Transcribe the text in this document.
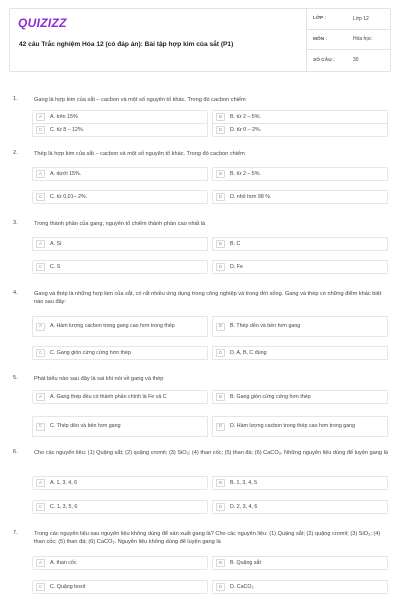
QUIZIZZ
42 câu Trắc nghiệm Hóa 12 (có đáp án): Bài tập hợp kim của sắt (P1)
LỚP :	Lớp 12
MÔN :	Hóa học
SỐ CÂU :	30
1.	Gang là hợp kim của sắt – cacbon và một số nguyên tố khác. Trong đó cacbon chiếm
A	A. trên 15%	B	B. từ 2 – 5%.
C	C. từ 8 – 12%.	D	D. từ 0 – 2%.
2.	Thép là hợp kim của sắt – cacbon và một số nguyên tố khác. Trong đó cacbon chiếm
A	A. dưới 15%.	B	B. từ 2 – 5%.
C	C. từ 0,01– 2%.	D	D. nhỏ hơn 98 %.
3.	Trong thành phần của gang, nguyên tố chiếm thành phần cao nhất là
A	A. Si	B	B. C
C	C. S	D	D. Fe
4.	Gang và thép là những hợp kim của sắt, có rất nhiều ứng dụng trong công nghiệp và trong đời sống. Gang và thép có những điểm khác biệt nào sau đây:
A	A. Hàm lượng cacbon trong gang cao hơn trong thép	B	B. Thép dẻo và bền hơn gang
C	C. Gang giòn cứng cứng hơn thép	D	D. A, B, C đúng
5.	Phát biểu nào sau đây là sai khi nói về gang và thép
A	A. Gang thép đều có thành phần chính là Fe và C	B	B. Gang giòn cứng cứng hơn thép
C	C. Thép dẻo và bền hơn gang	D	D. Hàm lượng cacbon trong thép cao hơn trong gang
6.	Cho các nguyên liệu: (1) Quặng sắt; (2) quặng cromit; (3) SiO₂; (4) than cốc; (5) than đá; (6) CaCO₃. Những nguyên liệu dùng để luyện gang là
A	A. 1, 3, 4, 6	B	B. 1, 3, 4, 5
C	C. 1, 3, 5, 6	D	D. 2, 3, 4, 6
7.	Trong các nguyên liệu sau nguyên liệu không dùng để sản xuất gang là? Cho các nguyên liệu: (1) Quặng sắt; (2) quặng cromit; (3) SiO₂; (4) than cốc; (5) than đá; (6) CaCO₃. Nguyên liệu không dùng để luyện gang là
A	A. than cốc	B	B. Quặng sắt
C	C. Quặng boxit	D	D. CaCO₃
